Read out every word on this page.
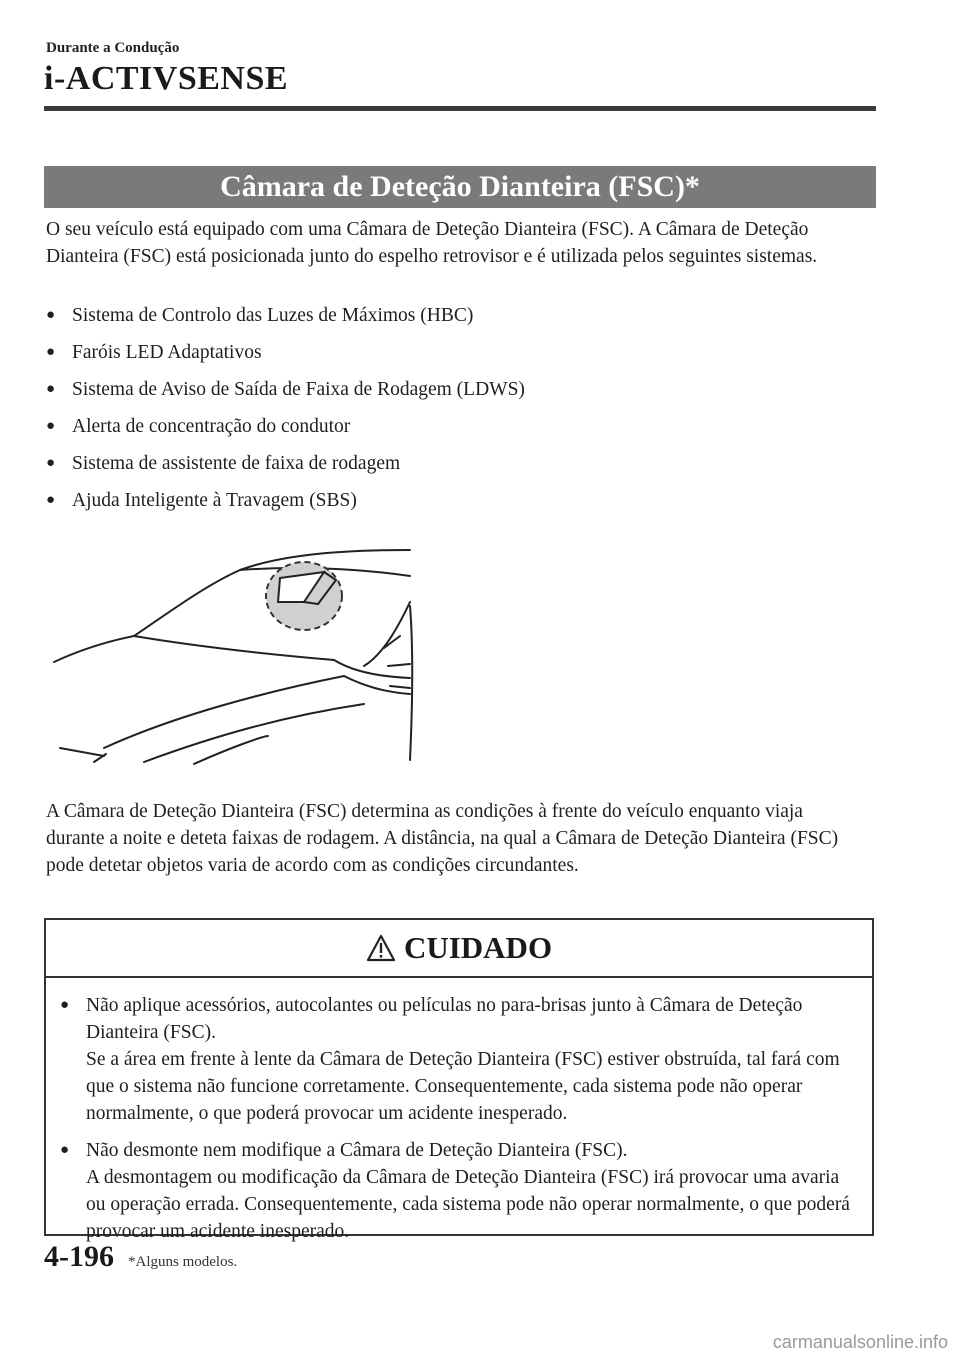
Durante a Condução
i-ACTIVSENSE
Câmara de Deteção Dianteira (FSC)*
O seu veículo está equipado com uma Câmara de Deteção Dianteira (FSC). A Câmara de Deteção Dianteira (FSC) está posicionada junto do espelho retrovisor e é utilizada pelos seguintes sistemas.
● Sistema de Controlo das Luzes de Máximos (HBC)
● Faróis LED Adaptativos
● Sistema de Aviso de Saída de Faixa de Rodagem (LDWS)
● Alerta de concentração do condutor
● Sistema de assistente de faixa de rodagem
● Ajuda Inteligente à Travagem (SBS)
A Câmara de Deteção Dianteira (FSC) determina as condições à frente do veículo enquanto viaja durante a noite e deteta faixas de rodagem. A distância, na qual a Câmara de Deteção Dianteira (FSC) pode detetar objetos varia de acordo com as condições circundantes.
CUIDADO
● Não aplique acessórios, autocolantes ou películas no para-brisas junto à Câmara de Deteção Dianteira (FSC).

Se a área em frente à lente da Câmara de Deteção Dianteira (FSC) estiver obstruída, tal fará com que o sistema não funcione corretamente. Consequentemente, cada sistema pode não operar normalmente, o que poderá provocar um acidente inesperado.

● Não desmonte nem modifique a Câmara de Deteção Dianteira (FSC).

A desmontagem ou modificação da Câmara de Deteção Dianteira (FSC) irá provocar uma avaria ou operação errada. Consequentemente, cada sistema pode não operar normalmente, o que poderá provocar um acidente inesperado.

4-196 *Alguns modelos.
carmanualsonline.info
